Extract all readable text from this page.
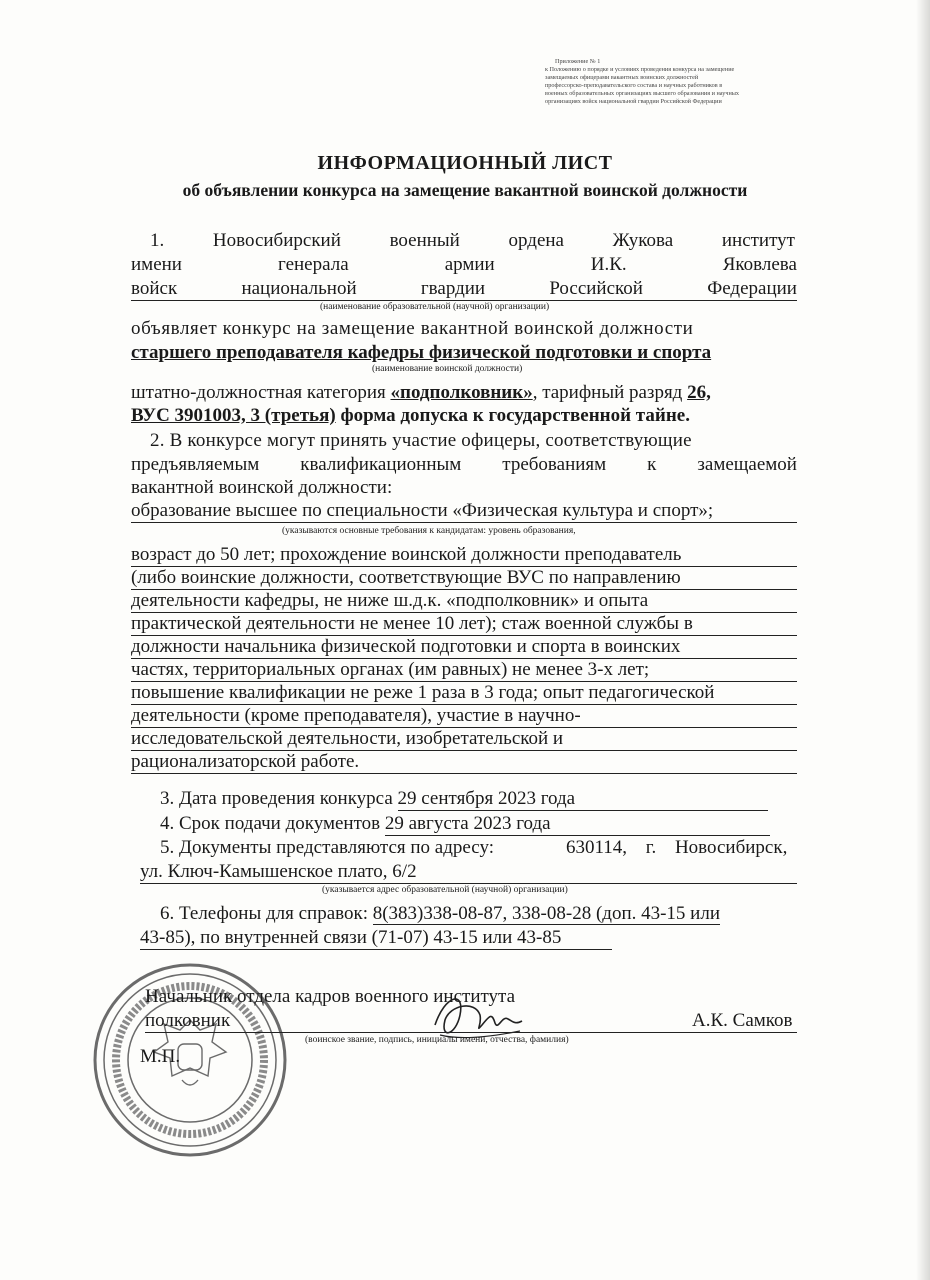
Приложение № 1
к Положению о порядке и условиях проведения конкурса на замещение
замещаемых офицерами вакантных воинских должностей
профессорско-преподавательского состава и научных работников в
военных образовательных организациях высшего образования и научных
организациях войск национальной гвардии Российской Федерации
ИНФОРМАЦИОННЫЙ ЛИСТ
об объявлении конкурса на замещение вакантной воинской должности
1.	Новосибирский	военный	ордена	Жукова	институт
имени	генерала	армии	И.К.	Яковлева
войск	национальной	гвардии	Российской	Федерации
(наименование образовательной (научной) организации)
объявляет конкурс на замещение вакантной воинской должности
старшего преподавателя кафедры физической подготовки и спорта
(наименование воинской должности)
штатно-должностная категория «подполковник», тарифный разряд 26,
ВУС 3901003, 3 (третья) форма допуска к государственной тайне.
2. В конкурсе могут принять участие офицеры, соответствующие
предъявляемым квалификационным требованиям к замещаемой
вакантной воинской должности:
образование высшее по специальности «Физическая культура и спорт»;
(указываются основные требования к кандидатам: уровень образования,
возраст до 50 лет; прохождение воинской должности преподаватель
(либо воинские должности, соответствующие ВУС по направлению
деятельности кафедры, не ниже ш.д.к. «подполковник» и опыта
практической деятельности не менее 10 лет); стаж военной службы в
должности начальника физической подготовки и спорта в воинских
частях, территориальных органах (им равных) не менее 3-х лет;
повышение квалификации не реже 1 раза в 3 года; опыт педагогической
деятельности (кроме преподавателя), участие в научно-
исследовательской деятельности, изобретательской и
рационализаторской работе.
3. Дата проведения конкурса 29 сентября 2023 года
4. Срок подачи документов 29 августа 2023 года
5. Документы представляются по адресу:	630114, г. Новосибирск,
ул. Ключ-Камышенское плато, 6/2
(указывается адрес образовательной (научной) организации)
6. Телефоны для справок: 8(383)338-08-87, 338-08-28 (доп. 43-15 или
43-85), по внутренней связи (71-07) 43-15 или 43-85
Начальник отдела кадров военного института
полковник	А.К. Самков
(воинское звание, подпись, инициалы имени, отчества, фамилия)
М.П.
